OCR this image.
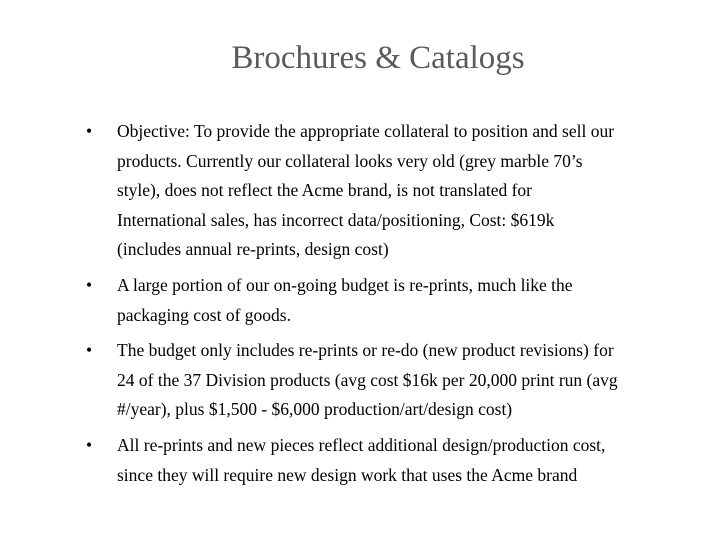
Brochures & Catalogs
•	Objective: To provide the appropriate collateral to position and sell our
products. Currently our collateral looks very old (grey marble 70’s
style), does not reflect the Acme brand, is not translated for
International sales, has incorrect data/positioning, Cost: $619k
(includes annual re-prints, design cost)
•	A large portion of our on-going budget is re-prints, much like the
packaging cost of goods.
•	The budget only includes re-prints or re-do (new product revisions) for
24 of the 37 Division products (avg cost $16k per 20,000 print run (avg
#/year), plus $1,500 - $6,000 production/art/design cost)
•	All re-prints and new pieces reflect additional design/production cost,
since they will require new design work that uses the Acme brand
